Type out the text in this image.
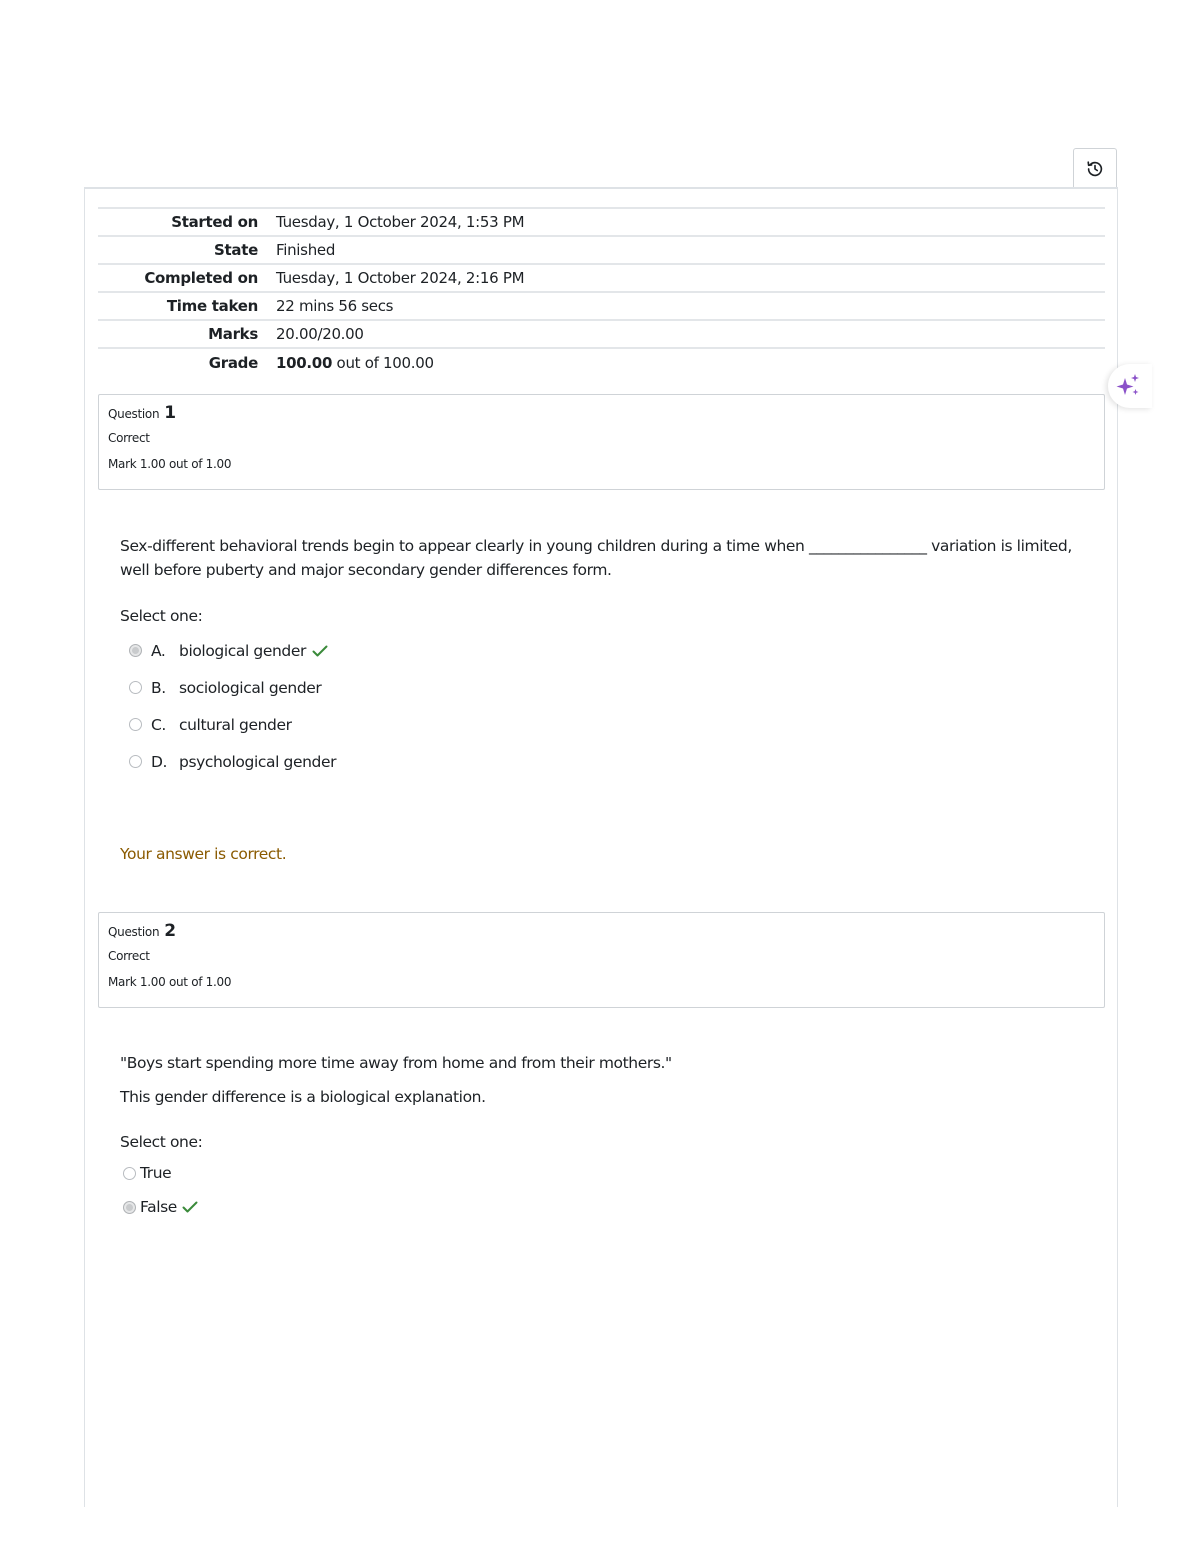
Started on	Tuesday, 1 October 2024, 1:53 PM
State	Finished
Completed on	Tuesday, 1 October 2024, 2:16 PM
Time taken	22 mins 56 secs
Marks	20.00/20.00
Grade	100.00 out of 100.00
Question 1
Correct
Mark 1.00 out of 1.00
Sex-different behavioral trends begin to appear clearly in young children during a time when ________________ variation is limited, well before puberty and major secondary gender differences form.
Select one:
A. biological gender
B. sociological gender
C. cultural gender
D. psychological gender
Your answer is correct.
Question 2
Correct
Mark 1.00 out of 1.00
"Boys start spending more time away from home and from their mothers."
This gender difference is a biological explanation.
Select one:
True
False
